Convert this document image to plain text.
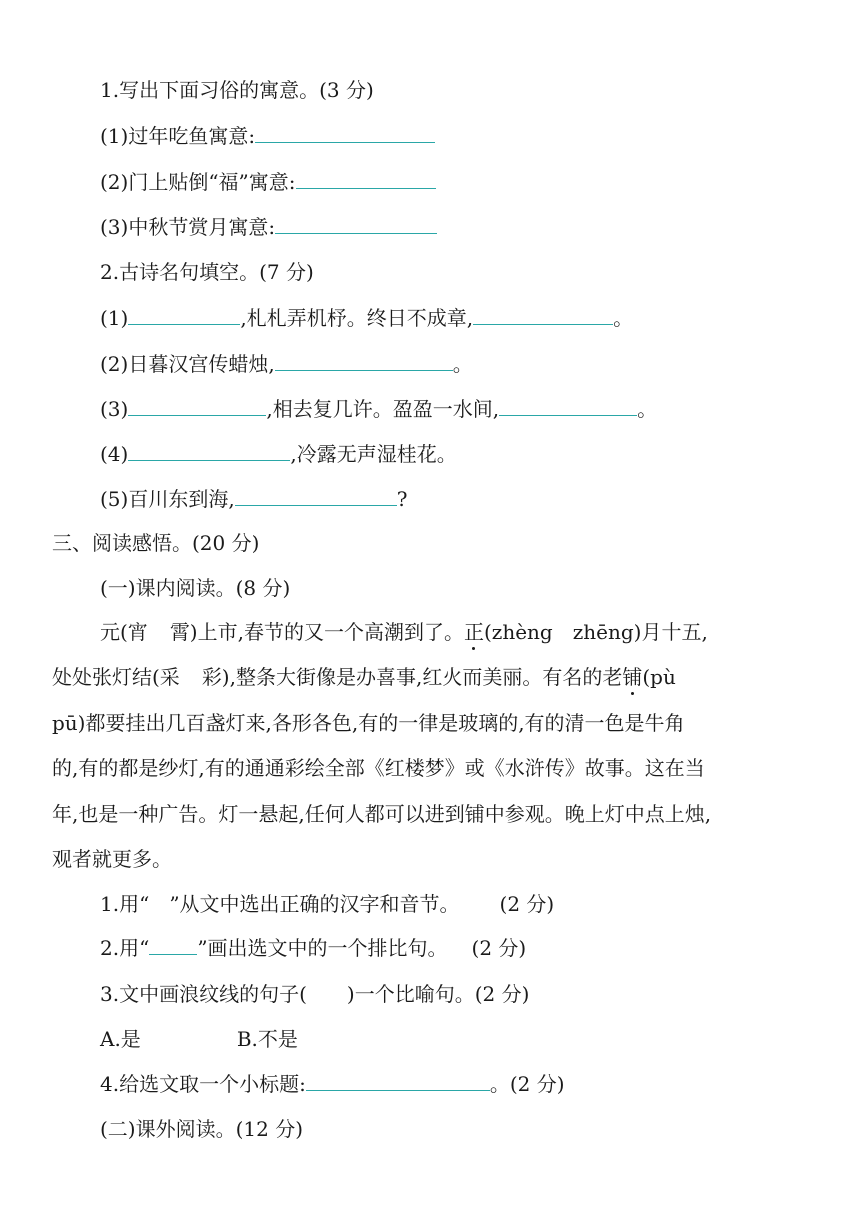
1.写出下面习俗的寓意。(3 分)
(1)过年吃鱼寓意:
(2)门上贴倒“福”寓意:
(3)中秋节赏月寓意:
2.古诗名句填空。(7 分)
(1)	,札札弄机杼。终日不成章,	。
(2)日暮汉宫传蜡烛,	。
(3)	,相去复几许。盈盈一水间,	。
(4)	,冷露无声湿桂花。
(5)百川东到海,	?
三、阅读感悟。(20 分)
(一)课内阅读。(8 分)
元(宵 霄)上市,春节的又一个高潮到了。正(zhèng zhēng)月十五,
处处张灯结(采 彩),整条大街像是办喜事,红火而美丽。有名的老铺(pù
pū)都要挂出几百盏灯来,各形各色,有的一律是玻璃的,有的清一色是牛角
的,有的都是纱灯,有的通通彩绘全部《红楼梦》或《水浒传》故事。这在当
年,也是一种广告。灯一悬起,任何人都可以进到铺中参观。晚上灯中点上烛,
观者就更多。
1.用“ ”从文中选出正确的汉字和音节。 (2 分)
2.用“ ”画出选文中的一个排比句。 (2 分)
3.文中画浪纹线的句子( )一个比喻句。(2 分)
A.是	B.不是
4.给选文取一个小标题:	。(2 分)
(二)课外阅读。(12 分)
